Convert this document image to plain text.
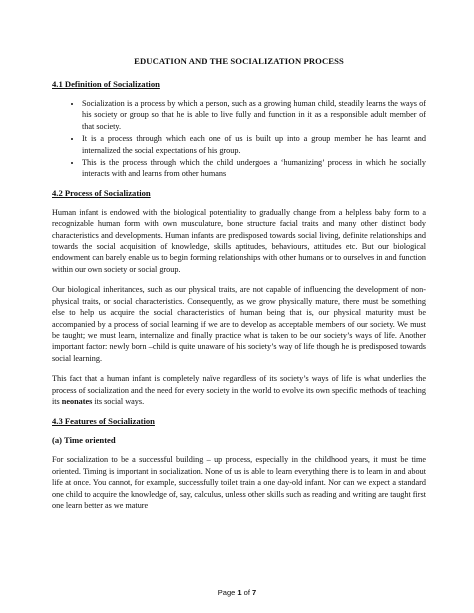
EDUCATION AND THE SOCIALIZATION PROCESS
4.1 Definition of Socialization
• Socialization is a process by which a person, such as a growing human child, steadily learns the ways of his society or group so that he is able to live fully and function in it as a responsible adult member of that society.
• It is a process through which each one of us is built up into a group member he has learnt and internalized the social expectations of his group.
• This is the process through which the child undergoes a ‘humanizing’ process in which he socially interacts with and learns from other humans
4.2 Process of Socialization

Human infant is endowed with the biological potentiality to gradually change from a helpless baby form to a recognizable human form with own musculature, bone structure facial traits and many other distinct body characteristics and developments. Human infants are predisposed towards social living, definite relationships and towards the social acquisition of knowledge, skills aptitudes, behaviours, attitudes etc. But our biological endowment can barely enable us to begin forming relationships with other humans or to ourselves in and function within our own society or social group.

Our biological inheritances, such as our physical traits, are not capable of influencing the development of non- physical traits, or social characteristics. Consequently, as we grow physically mature, there must be something else to help us acquire the social characteristics of human being that is, our physical maturity must be accompanied by a process of social learning if we are to develop as acceptable members of our society. We must be taught; we must learn, internalize and finally practice what is taken to be our society’s ways of life. Another important factor: newly born –child is quite unaware of his society’s way of life though he is predisposed towards social learning.

This fact that a human infant is completely naïve regardless of its society’s ways of life is what underlies the process of socialization and the need for every society in the world to evolve its own specific methods of teaching its neonates its social ways.

4.3 Features of Socialization
(a) Time oriented

For socialization to be a successful building – up process, especially in the childhood years, it must be time oriented. Timing is important in socialization. None of us is able to learn everything there is to learn in and about life at once. You cannot, for example, successfully toilet train a one day-old infant. Nor can we expect a standard one child to acquire the knowledge of, say, calculus, unless other skills such as reading and writing are taught first one learn better as we mature

Page 1 of 7
